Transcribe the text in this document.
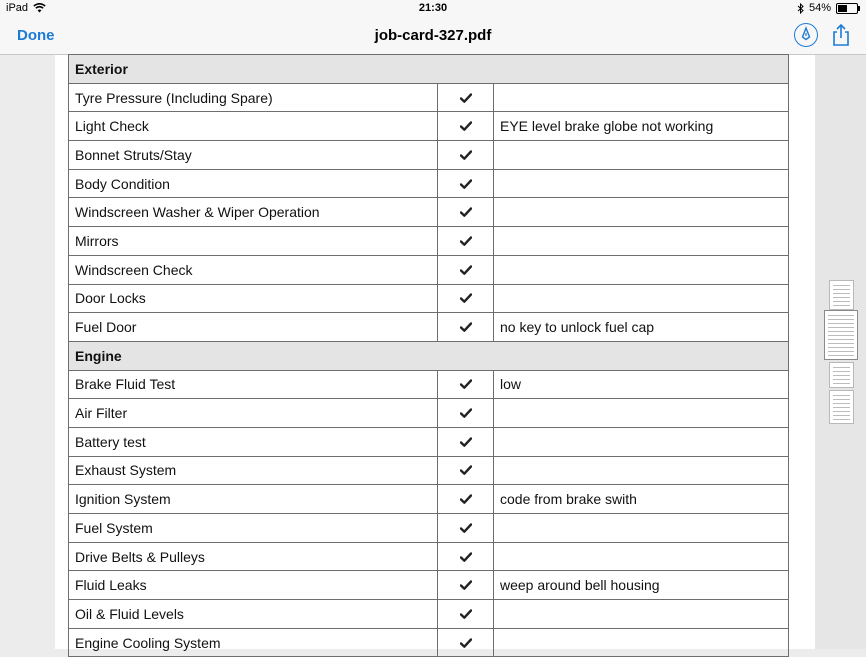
iPad	21:30	54%
Done	job-card-327.pdf
Exterior		
Tyre Pressure (Including Spare)		
Light Check		EYE level brake globe not working
Bonnet Struts/Stay		
Body Condition		
Windscreen Washer & Wiper Operation		
Mirrors		
Windscreen Check		
Door Locks		
Fuel Door		no key to unlock fuel cap
Engine		
Brake Fluid Test		low
Air Filter		
Battery test		
Exhaust System		
Ignition System		code from brake swith
Fuel System		
Drive Belts & Pulleys		
Fluid Leaks		weep around bell housing
Oil & Fluid Levels		
Engine Cooling System		
